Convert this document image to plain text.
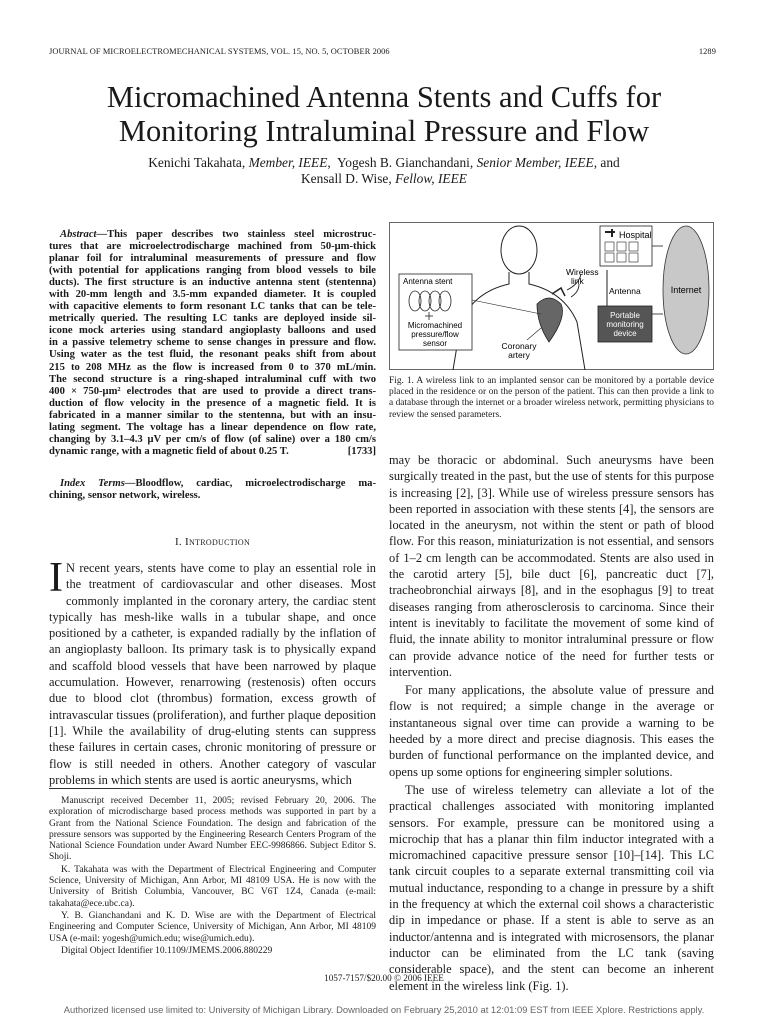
JOURNAL OF MICROELECTROMECHANICAL SYSTEMS, VOL. 15, NO. 5, OCTOBER 2006	1289
Micromachined Antenna Stents and Cuffs for
Monitoring Intraluminal Pressure and Flow
Kenichi Takahata, Member, IEEE,  Yogesh B. Gianchandani, Senior Member, IEEE, and
Kensall D. Wise, Fellow, IEEE
Abstract—This paper describes two stainless steel microstruc-
tures that are microelectrodischarge machined from 50-μm-thick
planar foil for intraluminal measurements of pressure and flow
(with potential for applications ranging from blood vessels to bile
ducts). The first structure is an inductive antenna stent (stentenna)
with 20-mm length and 3.5-mm expanded diameter. It is coupled
with capacitive elements to form resonant LC tanks that can be tele-
metrically queried. The resulting LC tanks are deployed inside sil-
icone mock arteries using standard angioplasty balloons and used
in a passive telemetry scheme to sense changes in pressure and flow.
Using water as the test fluid, the resonant peaks shift from about
215 to 208 MHz as the flow is increased from 0 to 370 mL/min.
The second structure is a ring-shaped intraluminal cuff with two
400 × 750-μm² electrodes that are used to provide a direct trans-
duction of flow velocity in the presence of a magnetic field. It is
fabricated in a manner similar to the stentenna, but with an insu-
lating segment. The voltage has a linear dependence on flow rate,
changing by 3.1–4.3 μV per cm/s of flow (of saline) over a 180 cm/s
dynamic range, with a magnetic field of about 0.25 T.	[1733]
Index Terms—Bloodflow, cardiac, microelectrodischarge ma-
chining, sensor network, wireless.
I. Introduction

I N recent years, stents have come to play an essential role in the treatment of cardiovascular and other diseases. Most commonly implanted in the coronary artery, the cardiac stent typically has mesh-like walls in a tubular shape, and once positioned by a catheter, is expanded radially by the inflation of an angioplasty balloon. Its primary task is to physically expand and scaffold blood vessels that have been narrowed by plaque accumulation. However, renarrowing (restenosis) often occurs due to blood clot (thrombus) formation, excess growth of intravascular tissues (proliferation), and further plaque deposition [1]. While the availability of drug-eluting stents can suppress these failures in certain cases, chronic monitoring of pressure or flow is still needed in others. Another category of vascular problems in which stents are used is aortic aneurysms, which

Manuscript received December 11, 2005; revised February 20, 2006. The exploration of microdischarge based process methods was supported in part by a Grant from the National Science Foundation. The design and fabrication of the pressure sensors was supported by the Engineering Research Centers Program of the National Science Foundation under Award Number EEC-9986866. Subject Editor S. Shoji.

K. Takahata was with the Department of Electrical Engineering and Computer Science, University of Michigan, Ann Arbor, MI 48109 USA. He is now with the University of British Columbia, Vancouver, BC V6T 1Z4, Canada (e-mail: takahata@ece.ubc.ca).

Y. B. Gianchandani and K. D. Wise are with the Department of Electrical Engineering and Computer Science, University of Michigan, Ann Arbor, MI 48109 USA (e-mail: yogesh@umich.edu; wise@umich.edu).

Digital Object Identifier 10.1109/JMEMS.2006.880229

Hospital
Internet
Antenna
Portable monitoring device
Wireless link
Antenna stent
Micromachined pressure/flow sensor	Coronary artery
Fig. 1. A wireless link to an implanted sensor can be monitored by a portable device placed in the residence or on the person of the patient. This can then provide a link to a database through the internet or a broader wireless network, permitting physicians to review the sensed parameters.

may be thoracic or abdominal. Such aneurysms have been surgically treated in the past, but the use of stents for this purpose is increasing [2], [3]. While use of wireless pressure sensors has been reported in association with these stents [4], the sensors are located in the aneurysm, not within the stent or path of blood flow. For this reason, miniaturization is not essential, and sensors of 1–2 cm length can be accommodated. Stents are also used in the carotid artery [5], bile duct [6], pancreatic duct [7], tracheobronchial airways [8], and in the esophagus [9] to treat diseases ranging from atherosclerosis to carcinoma. Since their intent is inevitably to facilitate the movement of some kind of fluid, the innate ability to monitor intraluminal pressure or flow can provide advance notice of the need for further tests or intervention.

For many applications, the absolute value of pressure and flow is not required; a simple change in the average or instantaneous signal over time can provide a warning to be heeded by a more direct and precise diagnosis. This eases the burden of functional performance on the implanted device, and opens up some options for engineering simpler solutions.

The use of wireless telemetry can alleviate a lot of the practical challenges associated with monitoring implanted sensors. For example, pressure can be monitored using a microchip that has a planar thin film inductor integrated with a micromachined capacitive pressure sensor [10]–[14]. This LC tank circuit couples to a separate external transmitting coil via mutual inductance, responding to a change in pressure by a shift in the frequency at which the external coil shows a characteristic dip in impedance or phase. If a stent is able to serve as an inductor/antenna and is integrated with microsensors, the planar inductor can be eliminated from the LC tank (saving considerable space), and the stent can become an inherent element in the wireless link (Fig. 1).

1057-7157/$20.00 © 2006 IEEE
Authorized licensed use limited to: University of Michigan Library. Downloaded on February 25,2010 at 12:01:09 EST from IEEE Xplore. Restrictions apply.
